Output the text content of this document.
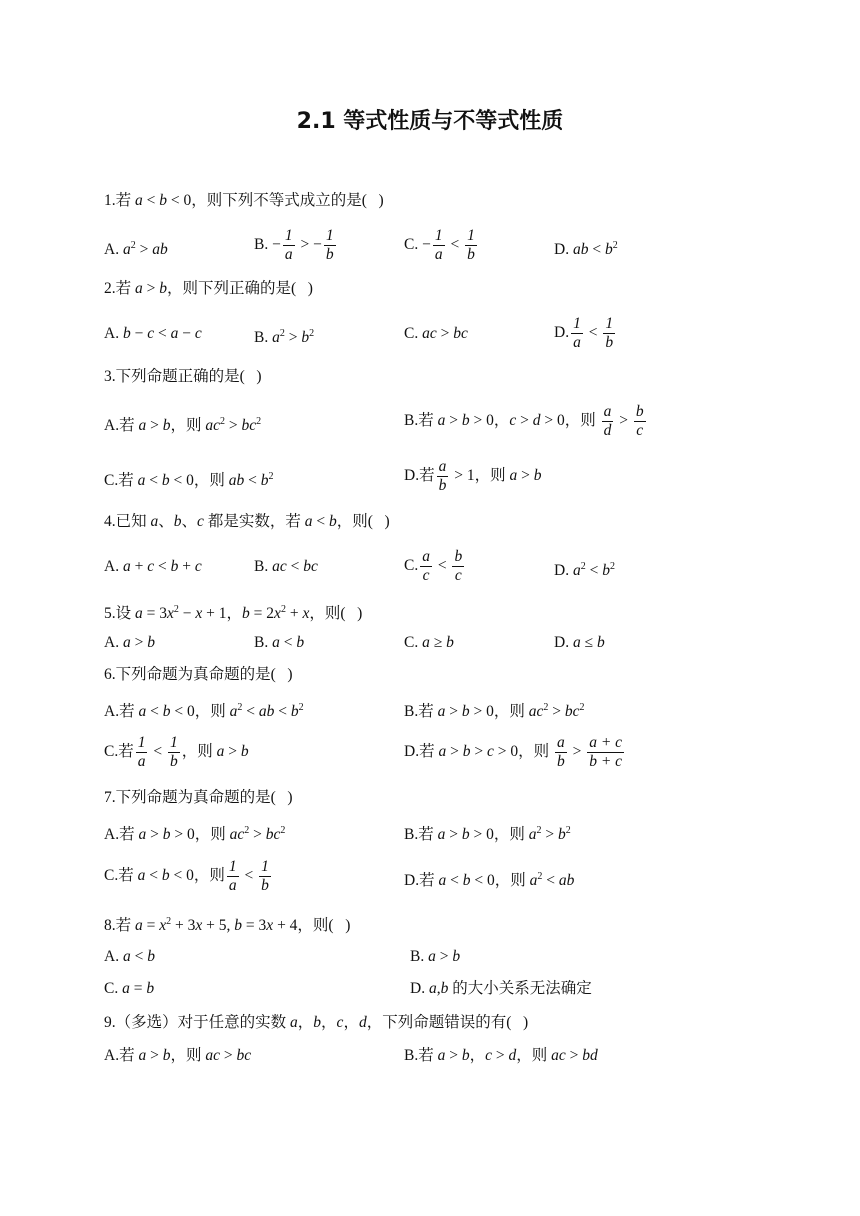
2.1 等式性质与不等式性质
1.若 a < b < 0，则下列不等式成立的是(   )
A. $a^2$ > ab	B. − $\frac{1}{a}$ > − $\frac{1}{b}$	C. − $\frac{1}{a} < \frac{1}{b}$	D. ab < $b^2$
2.若 a > b，则下列正确的是(   )
A. b − c < a − c	B. $a^2 > b^2$	C. ac > bc	D. $\frac{1}{a} < \frac{1}{b}$
3.下列命题正确的是(   )
A.若 a > b，则 $ac^2 > bc^2$	B.若 a > b > 0，c > d > 0，则 $\frac{a}{d} > \frac{b}{c}$
C.若 a < b < 0，则 ab < $b^2$	D.若 $\frac{a}{b} > 1$，则 a > b
4.已知 a、b、c 都是实数，若 a < b，则(   )
A. a + c < b + c	B. ac < bc	C. $\frac{a}{c} < \frac{b}{c}$	D. $a^2 < b^2$
5.设 $a = 3x^2 - x + 1$，$b = 2x^2 + x$，则(   )
A. a > b	B. a < b	C. a ≥ b	D. a ≤ b
6.下列命题为真命题的是(   )
A.若 a < b < 0，则 $a^2$ < ab < $b^2$	B.若 a > b > 0，则 $ac^2 > bc^2$
C.若 $\frac{1}{a} < \frac{1}{b}$ ，则 a > b	D.若 a > b > c > 0，则 $\frac{a}{b} > \frac{a + c}{b + c}$
7.下列命题为真命题的是(   )
A.若 a > b > 0，则 $ac^2 > bc^2$	B.若 a > b > 0，则 $a^2 > b^2$
C.若 a < b < 0，则 $\frac{1}{a} < \frac{1}{b}$	D.若 a < b < 0，则 $a^2$ < ab
8.若 $a = x^2 + 3x + 5$, b = 3x + 4，则(   )
A. a < b	B. a > b
C. a = b	D. a,b 的大小关系无法确定
9.（多选）对于任意的实数 a，b，c，d，下列命题错误的有(   )
A.若 a > b，则 ac > bc	B.若 a > b，c > d，则 ac > bd
